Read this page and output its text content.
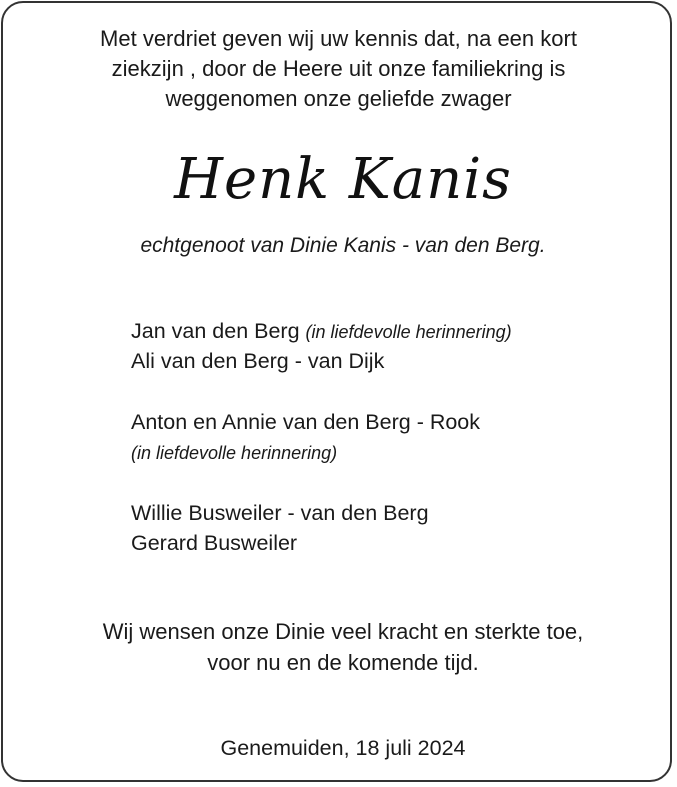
Met verdriet geven wij uw kennis dat, na een kort
ziekzijn , door de Heere uit onze familiekring is
weggenomen onze geliefde zwager
Henk Kanis
echtgenoot van Dinie Kanis - van den Berg.
Jan van den Berg (in liefdevolle herinnering)
Ali van den Berg - van Dijk
Anton en Annie van den Berg - Rook
(in liefdevolle herinnering)
Willie Busweiler - van den Berg
Gerard Busweiler
Wij wensen onze Dinie veel kracht en sterkte toe,
voor nu en de komende tijd.
Genemuiden, 18 juli 2024
